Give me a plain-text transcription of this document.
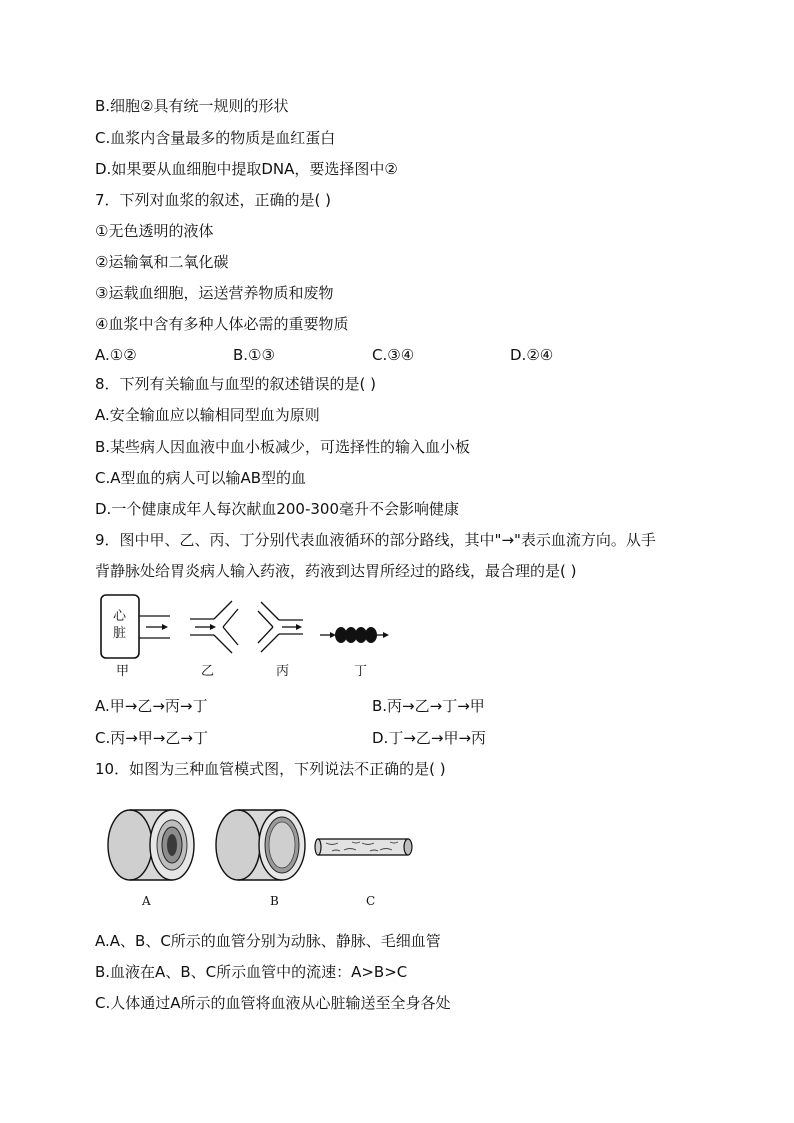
B.细胞②具有统一规则的形状
C.血浆内含量最多的物质是血红蛋白
D.如果要从血细胞中提取DNA，要选择图中②
7．下列对血浆的叙述，正确的是( )
①无色透明的液体
②运输氧和二氧化碳
③运载血细胞，运送营养物质和废物
④血浆中含有多种人体必需的重要物质
A.①②	B.①③	C.③④	D.②④
8．下列有关输血与血型的叙述错误的是( )
A.安全输血应以输相同型血为原则
B.某些病人因血液中血小板减少，可选择性的输入血小板
C.A型血的病人可以输AB型的血
D.一个健康成年人每次献血200-300毫升不会影响健康
9．图中甲、乙、丙、丁分别代表血液循环的部分路线，其中"→"表示血流方向。从手
背静脉处给胃炎病人输入药液，药液到达胃所经过的路线，最合理的是( )
心
脏
甲	乙	丙	丁
A.甲→乙→丙→丁	B.丙→乙→丁→甲
C.丙→甲→乙→丁	D.丁→乙→甲→丙
10．如图为三种血管模式图，下列说法不正确的是( )
A	B	C
A.A、B、C所示的血管分别为动脉、静脉、毛细血管
B.血液在A、B、C所示血管中的流速：A>B>C
C.人体通过A所示的血管将血液从心脏输送至全身各处
